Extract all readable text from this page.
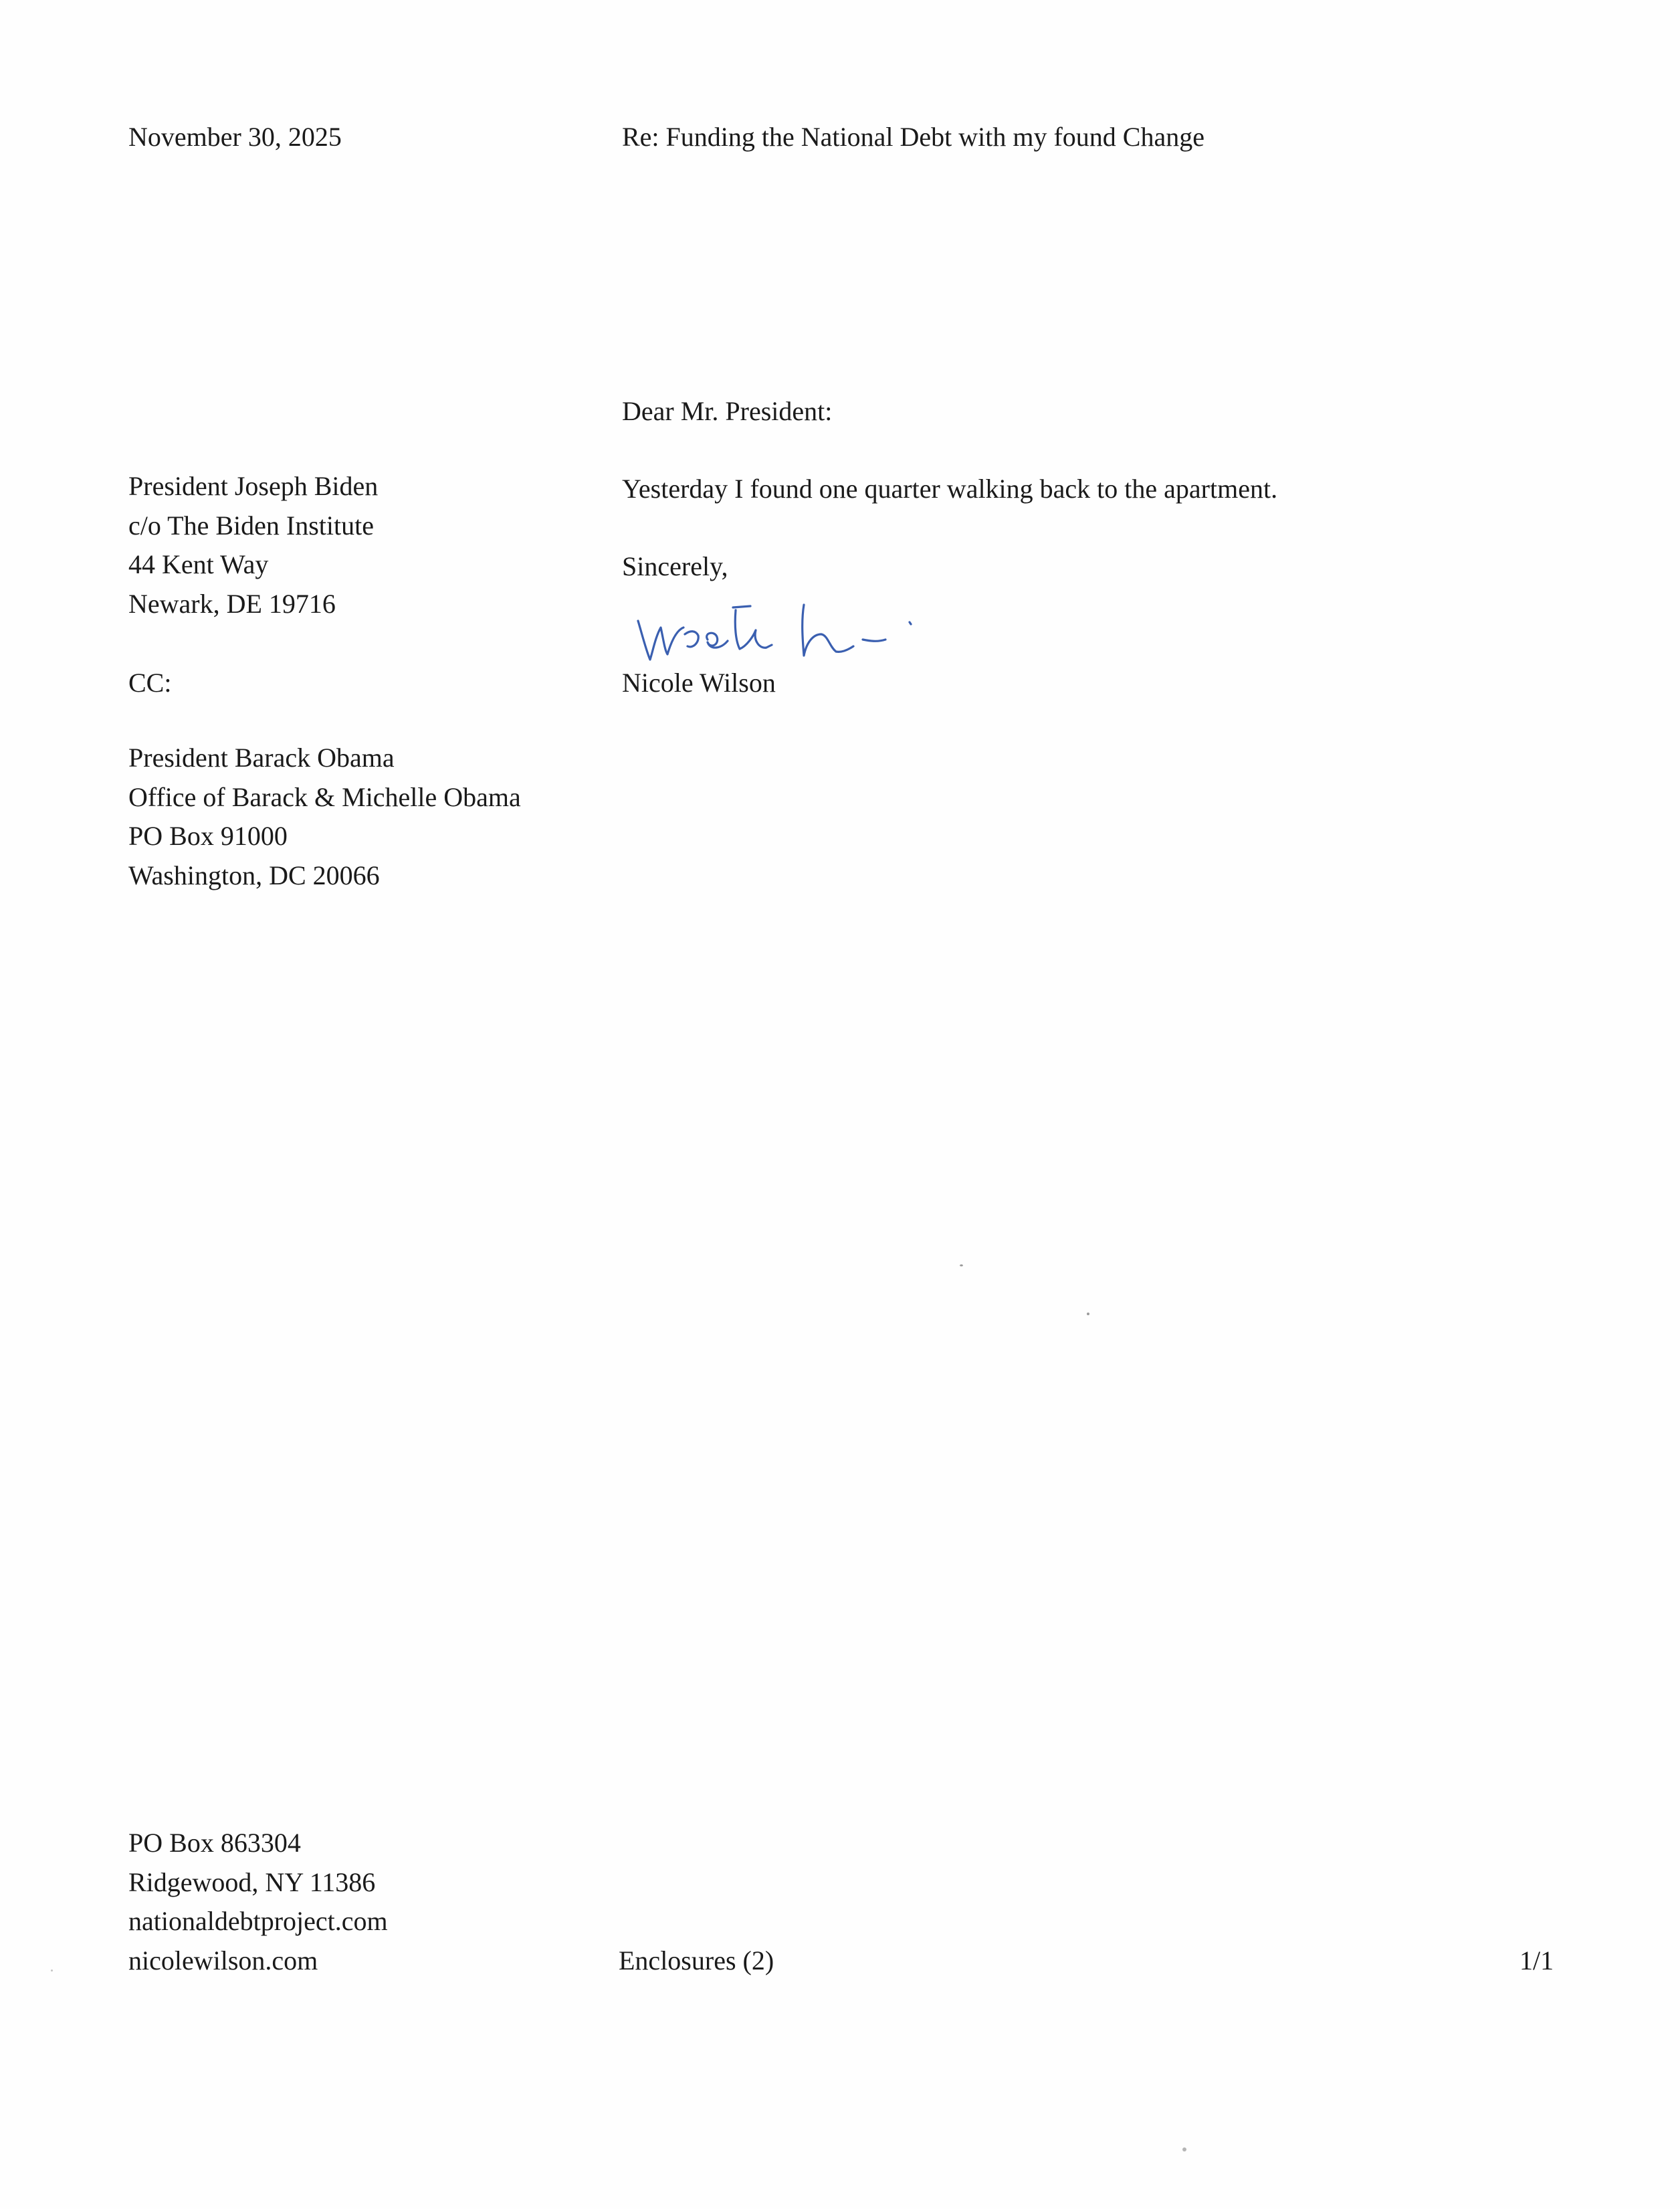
November 30, 2025	Re: Funding the National Debt with my found Change

Dear Mr. President:

President Joseph Biden
c/o The Biden Institute
44 Kent Way
Newark, DE 19716

Yesterday I found one quarter walking back to the apartment.

Sincerely,

Nicole Wilson

CC:

President Barack Obama
Office of Barack & Michelle Obama
PO Box 91000
Washington, DC 20066
PO Box 863304
Ridgewood, NY 11386
nationaldebtproject.com
nicolewilson.com	Enclosures (2)	1/1
